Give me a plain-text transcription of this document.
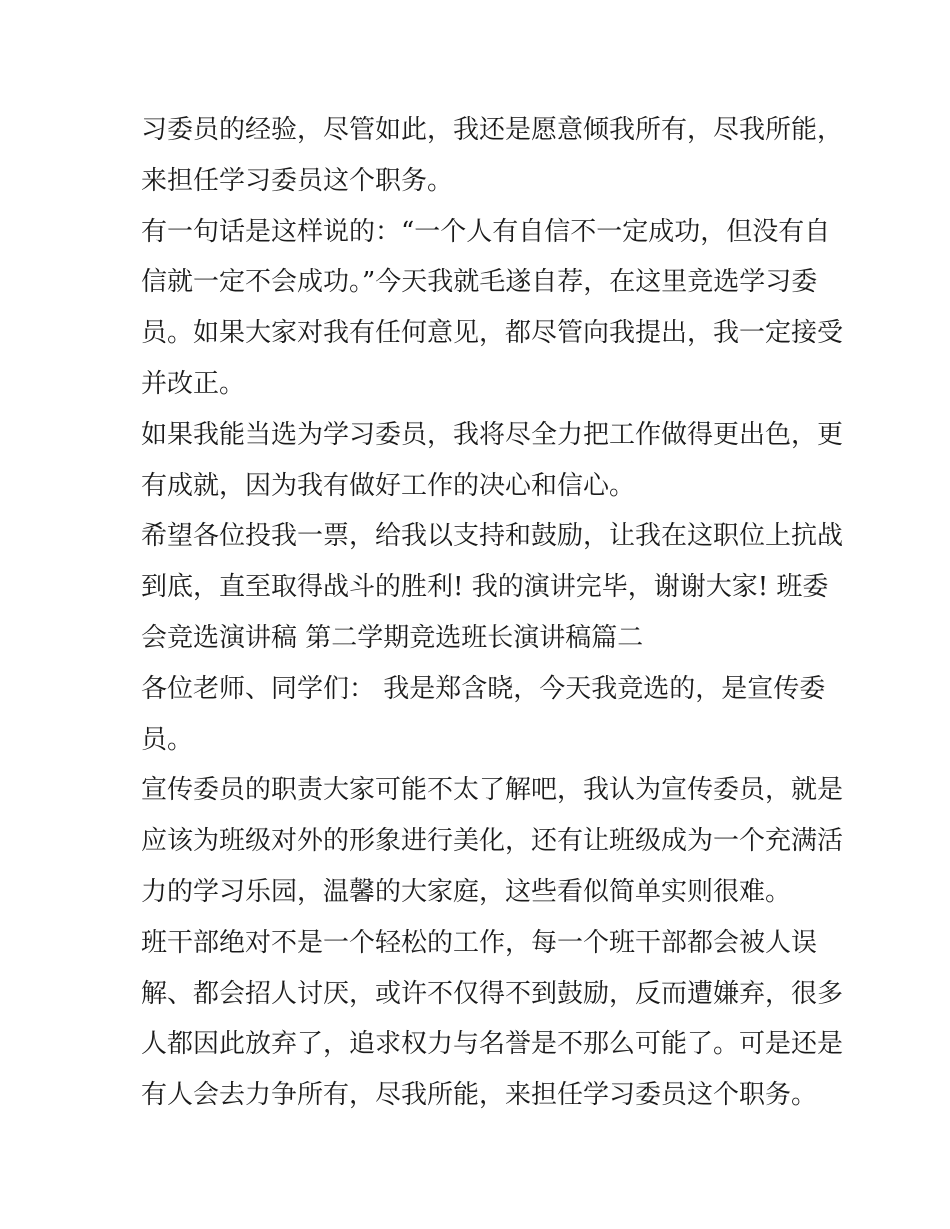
习委员的经验，尽管如此，我还是愿意倾我所有，尽我所能，
来担任学习委员这个职务。
有一句话是这样说的：“一个人有自信不一定成功，但没有自
信就一定不会成功。”今天我就毛遂自荐，在这里竞选学习委
员。如果大家对我有任何意见，都尽管向我提出，我一定接受
并改正。
如果我能当选为学习委员，我将尽全力把工作做得更出色，更
有成就，因为我有做好工作的决心和信心。
希望各位投我一票，给我以支持和鼓励，让我在这职位上抗战
到底，直至取得战斗的胜利! 我的演讲完毕，谢谢大家! 班委
会竞选演讲稿 第二学期竞选班长演讲稿篇二
各位老师、同学们： 我是郑含晓，今天我竞选的，是宣传委
员。
宣传委员的职责大家可能不太了解吧，我认为宣传委员，就是
应该为班级对外的形象进行美化，还有让班级成为一个充满活
力的学习乐园，温馨的大家庭，这些看似简单实则很难。
班干部绝对不是一个轻松的工作，每一个班干部都会被人误
解、都会招人讨厌，或许不仅得不到鼓励，反而遭嫌弃，很多
人都因此放弃了，追求权力与名誉是不那么可能了。可是还是
有人会去力争所有，尽我所能，来担任学习委员这个职务。
